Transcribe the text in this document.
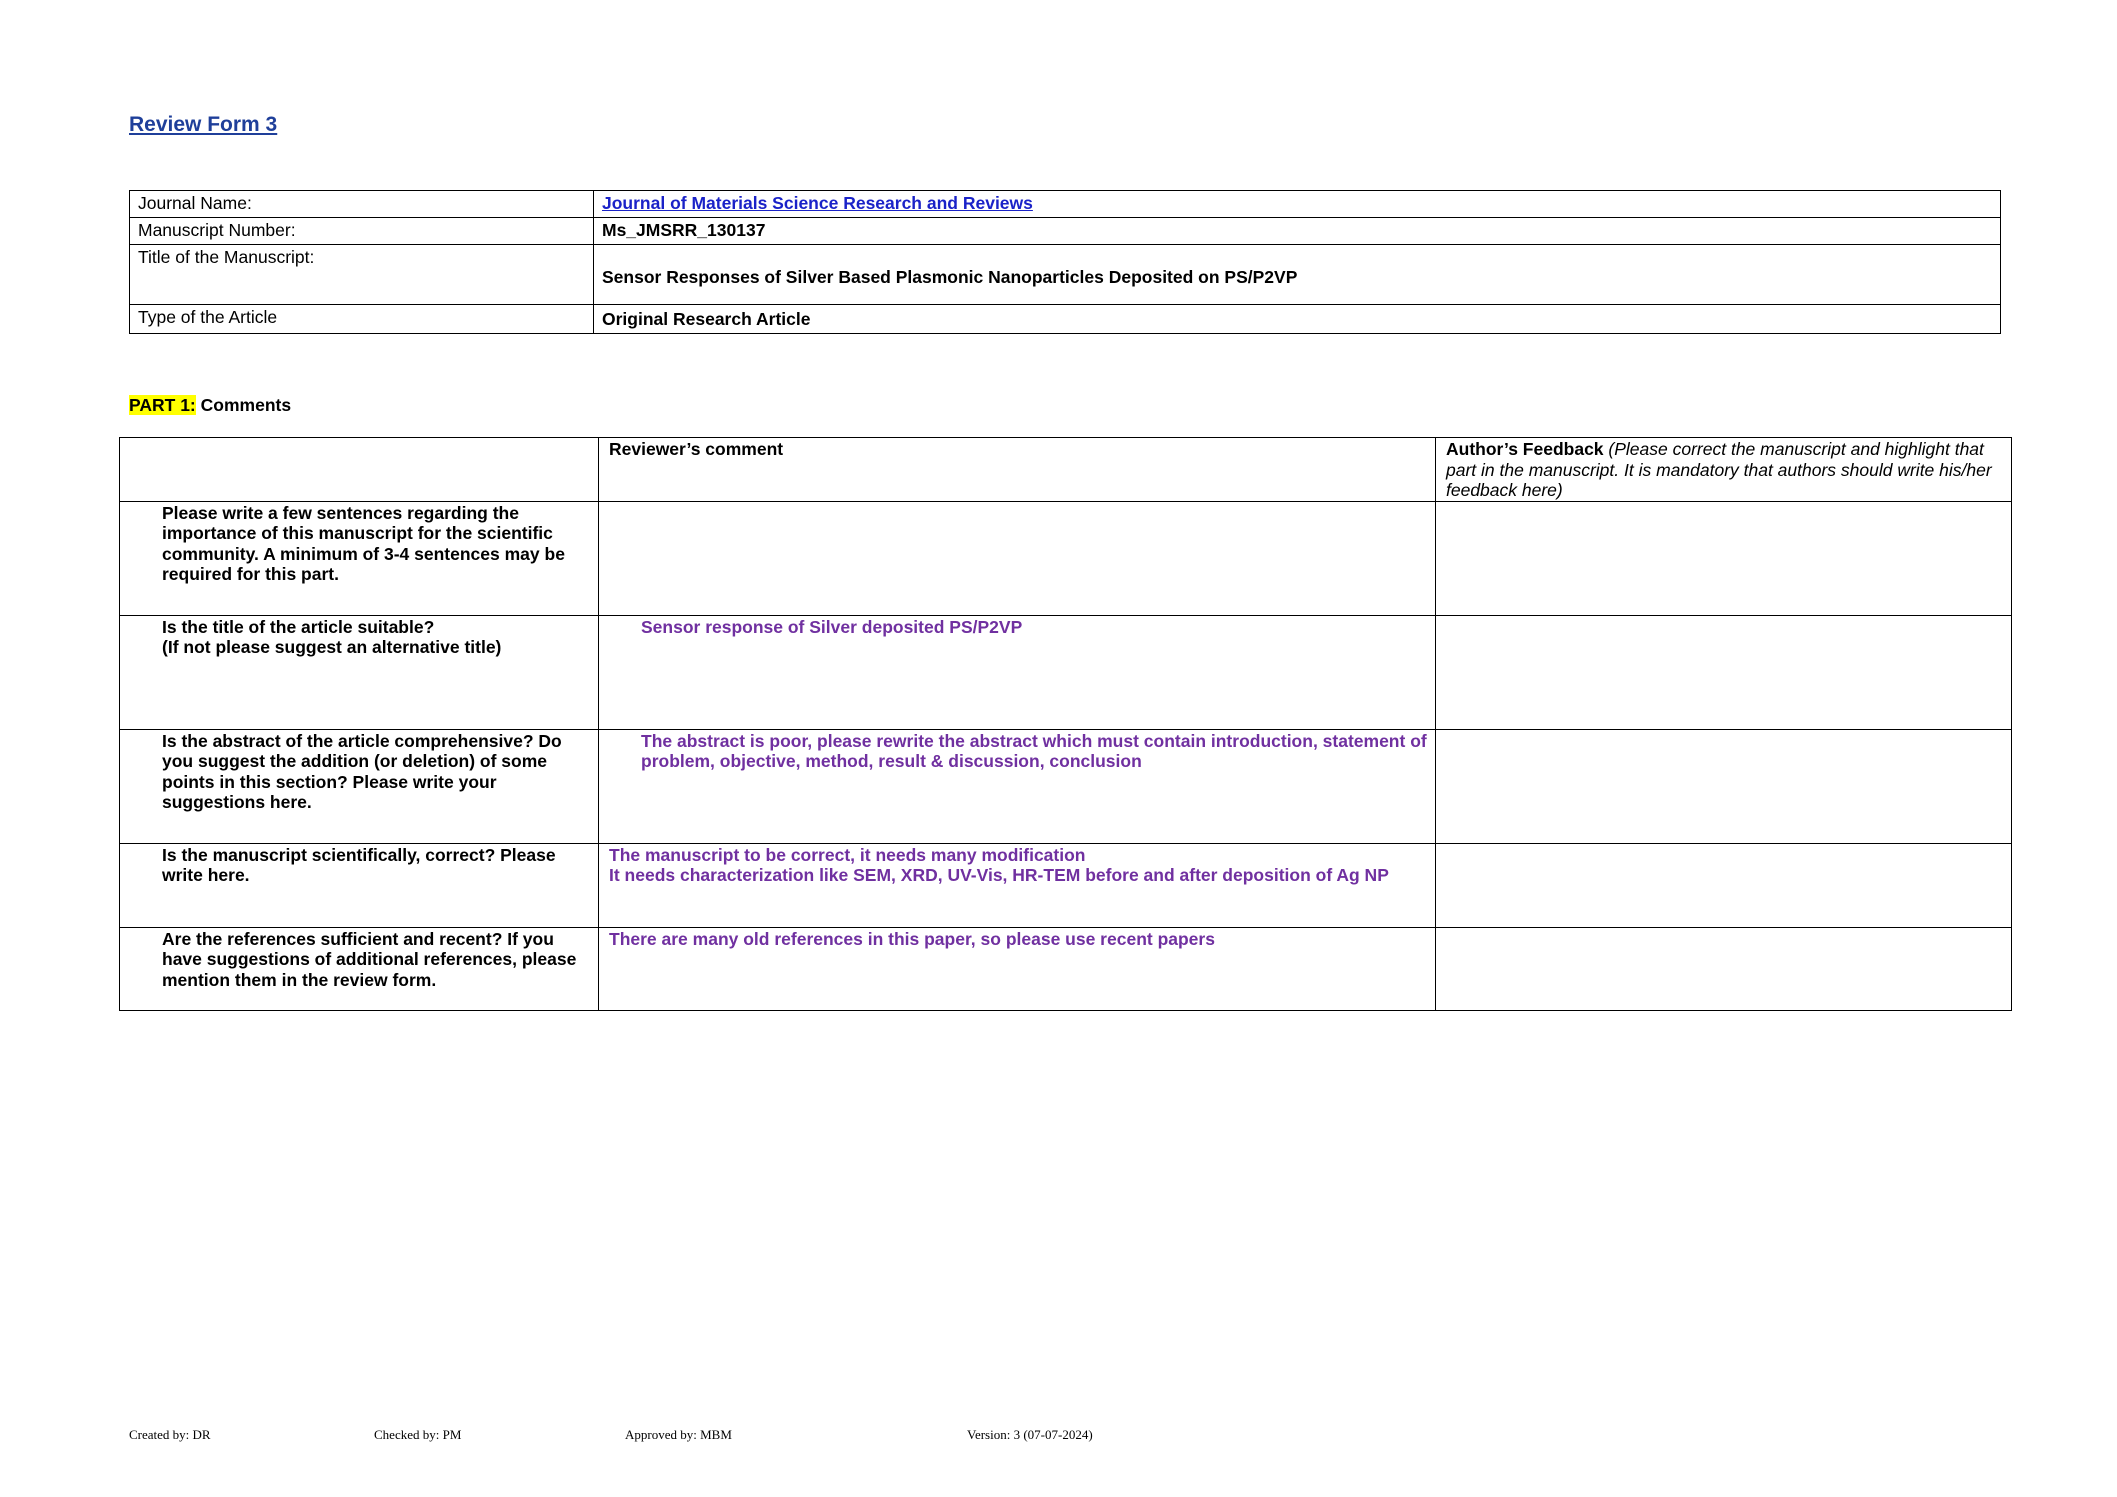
Review Form 3
Journal Name:	Journal of Materials Science Research and Reviews
Manuscript Number:	Ms_JMSRR_130137
Title of the Manuscript:	Sensor Responses of Silver Based Plasmonic Nanoparticles Deposited on PS/P2VP
Type of the Article	Original Research Article

PART 1: Comments

	Reviewer’s comment	Author’s Feedback (Please correct the manuscript and highlight that part in the manuscript. It is mandatory that authors should write his/her feedback here)
Please write a few sentences regarding the importance of this manuscript for the scientific community. A minimum of 3-4 sentences may be required for this part.		

Is the title of the article suitable?
(If not please suggest an alternative title)	Sensor response of Silver deposited PS/P2VP	

Is the abstract of the article comprehensive? Do you suggest the addition (or deletion) of some points in this section? Please write your suggestions here.	The abstract is poor, please rewrite the abstract which must contain introduction, statement of problem, objective, method, result & discussion, conclusion	

Is the manuscript scientifically, correct? Please write here.	The manuscript to be correct, it needs many modification
It needs characterization like SEM, XRD, UV-Vis, HR-TEM before and after deposition of Ag NP	

Are the references sufficient and recent? If you have suggestions of additional references, please mention them in the review form.	There are many old references in this paper, so please use recent papers	

Created by: DR	Checked by: PM	Approved by: MBM	Version: 3 (07-07-2024)
